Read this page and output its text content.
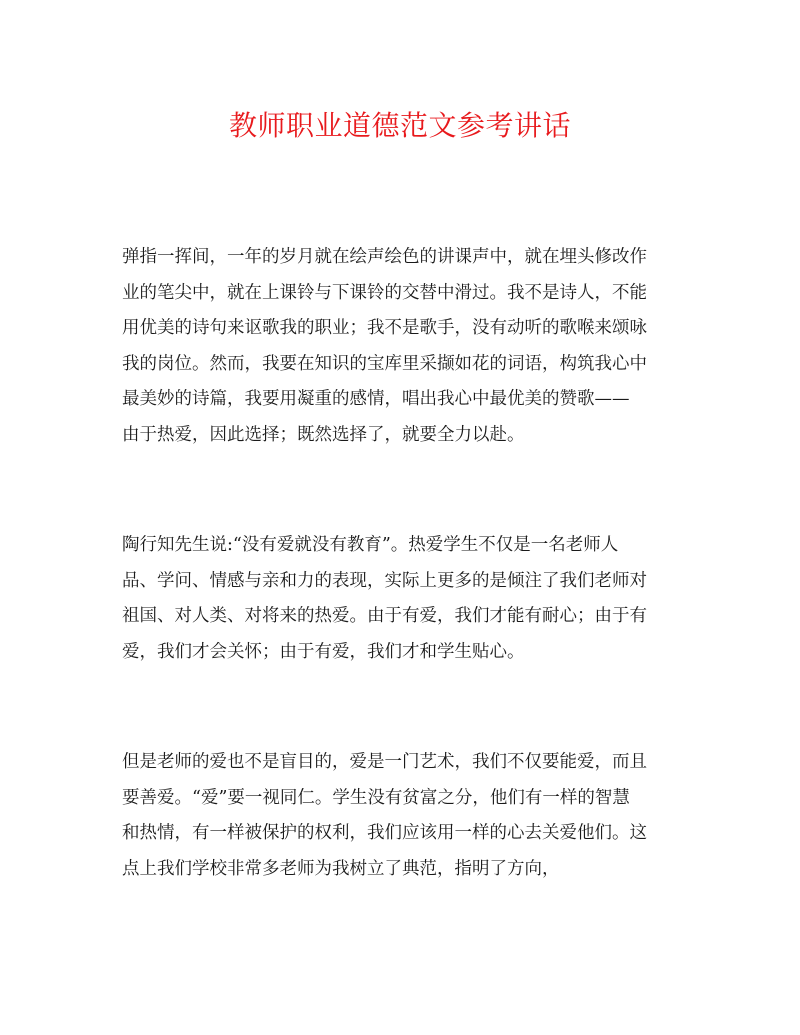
教师职业道德范文参考讲话
弹指一挥间，一年的岁月就在绘声绘色的讲课声中，就在埋头修改作
业的笔尖中，就在上课铃与下课铃的交替中滑过。我不是诗人，不能
用优美的诗句来讴歌我的职业；我不是歌手，没有动听的歌喉来颂咏
我的岗位。然而，我要在知识的宝库里采撷如花的词语，构筑我心中
最美妙的诗篇，我要用凝重的感情，唱出我心中最优美的赞歌——
由于热爱，因此选择；既然选择了，就要全力以赴。
陶行知先生说:“没有爱就没有教育”。热爱学生不仅是一名老师人
品、学问、情感与亲和力的表现，实际上更多的是倾注了我们老师对
祖国、对人类、对将来的热爱。由于有爱，我们才能有耐心；由于有
爱，我们才会关怀；由于有爱，我们才和学生贴心。
但是老师的爱也不是盲目的，爱是一门艺术，我们不仅要能爱，而且
要善爱。“爱”要一视同仁。学生没有贫富之分，他们有一样的智慧
和热情，有一样被保护的权利，我们应该用一样的心去关爱他们。这
点上我们学校非常多老师为我树立了典范，指明了方向，
